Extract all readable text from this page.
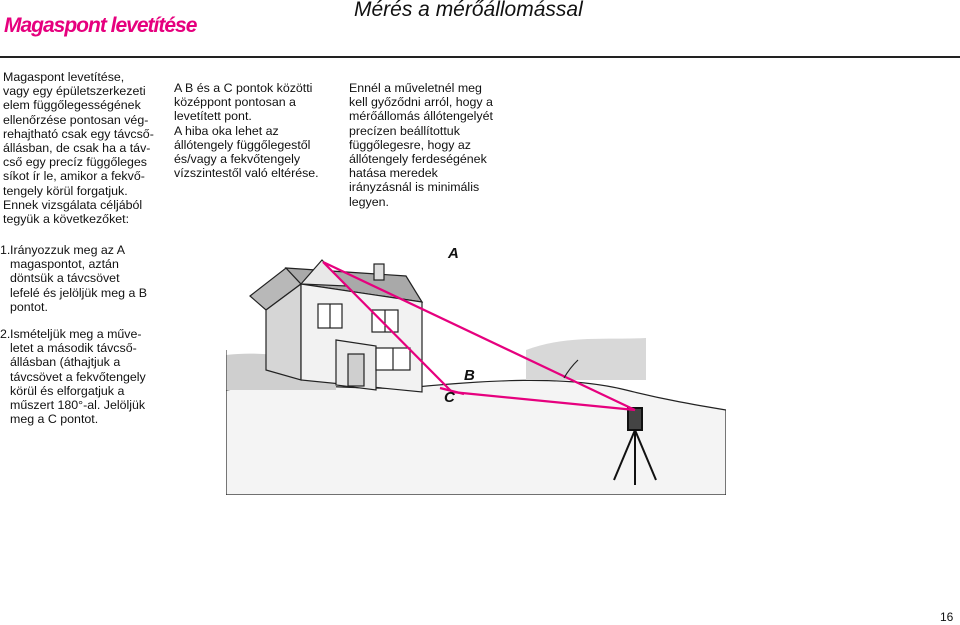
Magaspont levetítése
Mérés a mérőállomással
Magaspont levetítése,
vagy egy épületszerkezeti
elem függőlegességének
ellenőrzése pontosan vég-
rehajtható csak egy távcső-
állásban, de csak ha a táv-
cső egy precíz függőleges
síkot ír le, amikor a fekvő-
tengely körül forgatjuk.
Ennek vizsgálata céljából
tegyük a következőket:
A B és a C pontok közötti
középpont pontosan a
levetített pont.
A hiba oka lehet az
állótengely függőlegestől
és/vagy a fekvőtengely
vízszintestől való eltérése.
Ennél a műveletnél meg
kell győződni arról, hogy a
mérőállomás állótengelyét
precízen beállítottuk
függőlegesre, hogy az
állótengely ferdeségének
hatása meredek
irányzásnál is minimális
legyen.
1. Irányozzuk meg az A
magaspontot, aztán
döntsük a távcsövet
lefelé és jelöljük meg a B
pontot.
2. Ismételjük meg a műve-
letet a második távcső-
állásban (áthajtjuk a
távcsövet a fekvőtengely
körül és elforgatjuk a
műszert 180°-al. Jelöljük
meg a C pontot.
A
B
C
16
